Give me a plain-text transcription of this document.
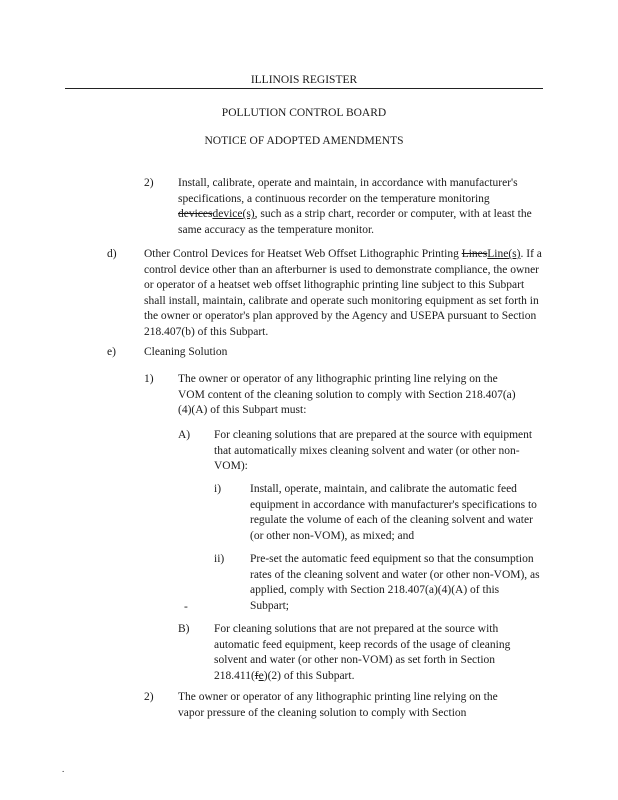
ILLINOIS REGISTER
POLLUTION CONTROL BOARD
NOTICE OF ADOPTED AMENDMENTS
2) Install, calibrate, operate and maintain, in accordance with manufacturer's specifications, a continuous recorder on the temperature monitoring devicesdevice(s), such as a strip chart, recorder or computer, with at least the same accuracy as the temperature monitor.

d) Other Control Devices for Heatset Web Offset Lithographic Printing LinesLine(s). If a control device other than an afterburner is used to demonstrate compliance, the owner or operator of a heatset web offset lithographic printing line subject to this Subpart shall install, maintain, calibrate and operate such monitoring equipment as set forth in the owner or operator's plan approved by the Agency and USEPA pursuant to Section 218.407(b) of this Subpart.

e) Cleaning Solution
1) The owner or operator of any lithographic printing line relying on the VOM content of the cleaning solution to comply with Section 218.407(a)(4)(A) of this Subpart must:

A) For cleaning solutions that are prepared at the source with equipment that automatically mixes cleaning solvent and water (or other non-VOM):

i)	Install, operate, maintain, and calibrate the automatic feed equipment in accordance with manufacturer's specifications to regulate the volume of each of the cleaning solvent and water (or other non-VOM), as mixed; and

ii) Pre-set the automatic feed equipment so that the consumption rates of the cleaning solvent and water (or other non-VOM), as applied, comply with Section 218.407(a)(4)(A) of this Subpart;

-
B) For cleaning solutions that are not prepared at the source with automatic feed equipment, keep records of the usage of cleaning solvent and water (or other non-VOM) as set forth in Section 218.411(fe)(2) of this Subpart.

2) The owner or operator of any lithographic printing line relying on the vapor pressure of the cleaning solution to comply with Section

.
